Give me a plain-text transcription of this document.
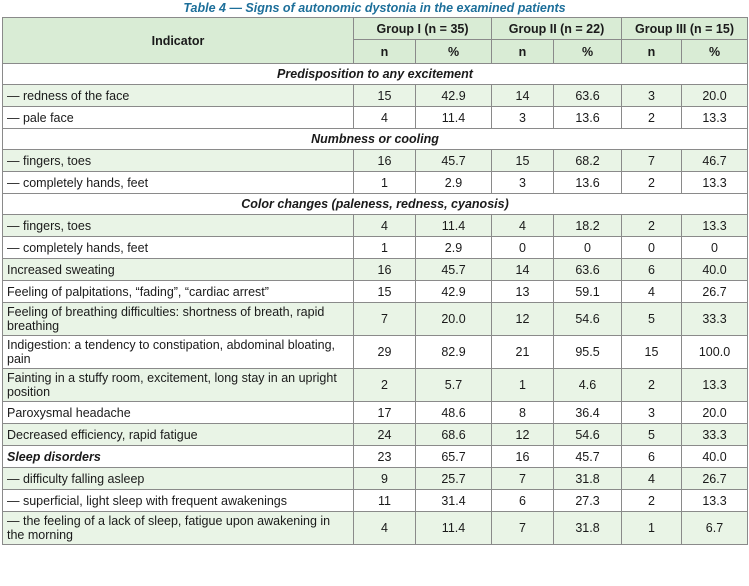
Table 4 — Signs of autonomic dystonia in the examined patients
Indicator	Group I (n = 35)		Group II (n = 22)		Group III (n = 15)	
	n	%	n	%	n	%
Predisposition to any excitement						
— redness of the face	15	42.9	14	63.6	3	20.0
— pale face	4	11.4	3	13.6	2	13.3
Numbness or cooling						
— fingers, toes	16	45.7	15	68.2	7	46.7
— completely hands, feet	1	2.9	3	13.6	2	13.3
Color changes (paleness, redness, cyanosis)						
— fingers, toes	4	11.4	4	18.2	2	13.3
— completely hands, feet	1	2.9	0	0	0	0
Increased sweating	16	45.7	14	63.6	6	40.0
Feeling of palpitations, “fading”, “cardiac arrest”	15	42.9	13	59.1	4	26.7
Feeling of breathing difficulties: shortness of breath, rapid breathing	7	20.0	12	54.6	5	33.3
Indigestion: a tendency to constipation, abdominal bloating, pain	29	82.9	21	95.5	15	100.0
Fainting in a stuffy room, excitement, long stay in an upright position	2	5.7	1	4.6	2	13.3
Paroxysmal headache	17	48.6	8	36.4	3	20.0
Decreased efficiency, rapid fatigue	24	68.6	12	54.6	5	33.3
Sleep disorders	23	65.7	16	45.7	6	40.0
— difficulty falling asleep	9	25.7	7	31.8	4	26.7
— superficial, light sleep with frequent awakenings	11	31.4	6	27.3	2	13.3
— the feeling of a lack of sleep, fatigue upon awakening in the morning	4	11.4	7	31.8	1	6.7
